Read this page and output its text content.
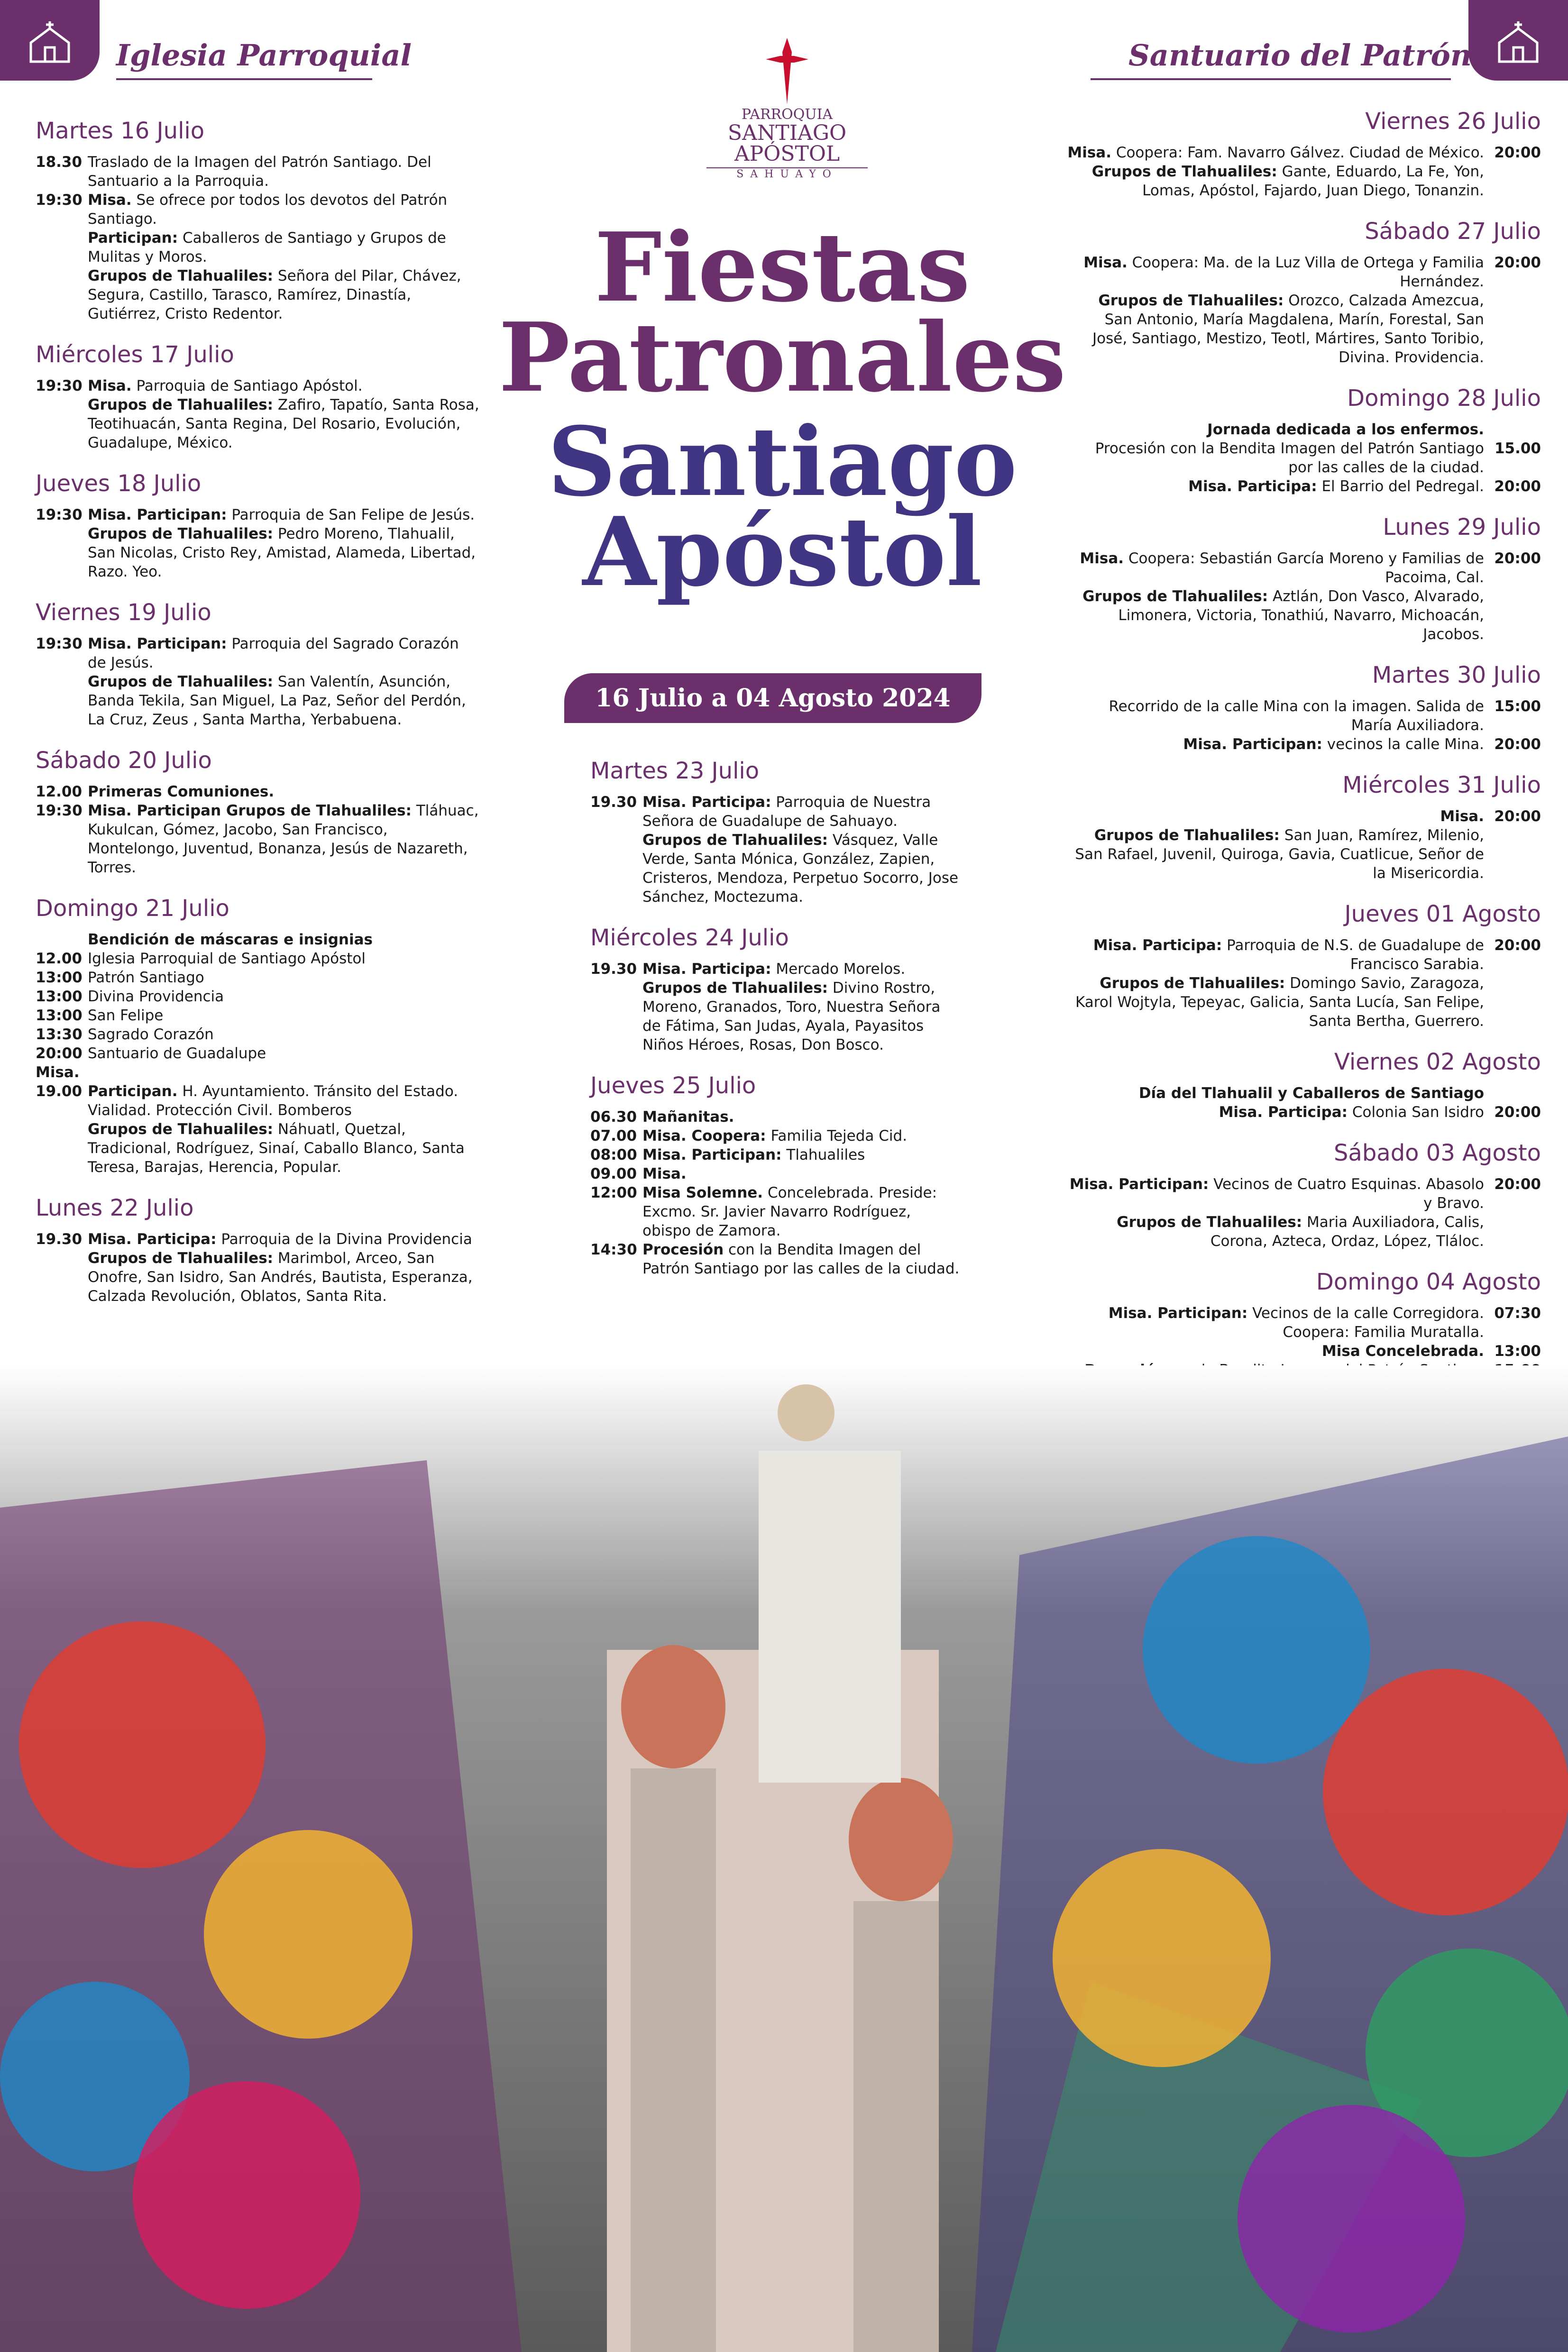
Iglesia Parroquial	Santuario del Patrón
PARROQUIA
SANTIAGO
APÓSTOL
SAHUAYO
Fiestas
Patronales
Santiago
Apóstol
16 Julio a 04 Agosto 2024
Martes 16 Julio
18.30 Traslado de la Imagen del Patrón Santiago. Del Santuario a la Parroquia.
19:30 Misa. Se ofrece por todos los devotos del Patrón Santiago.
Participan: Caballeros de Santiago y Grupos de Mulitas y Moros.
Grupos de Tlahualiles: Señora del Pilar, Chávez, Segura, Castillo, Tarasco, Ramírez, Dinastía, Gutiérrez, Cristo Redentor.
Miércoles 17 Julio
19:30 Misa. Parroquia de Santiago Apóstol.
Grupos de Tlahualiles: Zafiro, Tapatío, Santa Rosa, Teotihuacán, Santa Regina, Del Rosario, Evolución, Guadalupe, México.
Jueves 18 Julio
19:30 Misa. Participan: Parroquia de San Felipe de Jesús.
Grupos de Tlahualiles: Pedro Moreno, Tlahualil, San Nicolas, Cristo Rey, Amistad, Alameda, Libertad, Razo. Yeo.
Viernes 19 Julio
19:30 Misa. Participan: Parroquia del Sagrado Corazón de Jesús.
Grupos de Tlahualiles: San Valentín, Asunción, Banda Tekila, San Miguel, La Paz, Señor del Perdón, La Cruz, Zeus , Santa Martha, Yerbabuena.
Sábado 20 Julio
12.00 Primeras Comuniones.
19:30 Misa. Participan Grupos de Tlahualiles: Tláhuac, Kukulcan, Gómez, Jacobo, San Francisco, Montelongo, Juventud, Bonanza, Jesús de Nazareth, Torres.
Domingo 21 Julio
Bendición de máscaras e insignias
12.00 Iglesia Parroquial de Santiago Apóstol
13:00 Patrón Santiago
13:00 Divina Providencia
13:00 San Felipe
13:30 Sagrado Corazón
20:00 Santuario de Guadalupe
Misa.
19.00 Participan. H. Ayuntamiento. Tránsito del Estado. Vialidad. Protección Civil. Bomberos
Grupos de Tlahualiles: Náhuatl, Quetzal, Tradicional, Rodríguez, Sinaí, Caballo Blanco, Santa Teresa, Barajas, Herencia, Popular.
Lunes 22 Julio
19.30 Misa. Participa: Parroquia de la Divina Providencia
Grupos de Tlahualiles: Marimbol, Arceo, San Onofre, San Isidro, San Andrés, Bautista, Esperanza, Calzada Revolución, Oblatos, Santa Rita.
Martes 23 Julio
19.30 Misa. Participa: Parroquia de Nuestra Señora de Guadalupe de Sahuayo.
Grupos de Tlahualiles: Vásquez, Valle Verde, Santa Mónica, González, Zapien, Cristeros, Mendoza, Perpetuo Socorro, Jose Sánchez, Moctezuma.
Miércoles 24 Julio
19.30 Misa. Participa: Mercado Morelos.
Grupos de Tlahualiles: Divino Rostro, Moreno, Granados, Toro, Nuestra Señora de Fátima, San Judas, Ayala, Payasitos Niños Héroes, Rosas, Don Bosco.
Jueves 25 Julio
06.30 Mañanitas.
07.00 Misa. Coopera: Familia Tejeda Cid.
08:00 Misa. Participan: Tlahualiles
09.00 Misa.
12:00 Misa Solemne. Concelebrada. Preside: Excmo. Sr. Javier Navarro Rodríguez, obispo de Zamora.
14:30 Procesión con la Bendita Imagen del Patrón Santiago por las calles de la ciudad.
Viernes 26 Julio
Misa. Coopera: Fam. Navarro Gálvez. Ciudad de México. 20:00
Grupos de Tlahualiles: Gante, Eduardo, La Fe, Yon, Lomas, Apóstol, Fajardo, Juan Diego, Tonanzin.
Sábado 27 Julio
Misa. Coopera: Ma. de la Luz Villa de Ortega y Familia Hernández.
20:00
Grupos de Tlahualiles: Orozco, Calzada Amezcua, San Antonio, María Magdalena, Marín, Forestal, San José, Santiago, Mestizo, Teotl, Mártires, Santo Toribio, Divina. Providencia.
Domingo 28 Julio
Jornada dedicada a los enfermos.
Procesión con la Bendita Imagen del Patrón Santiago por las calles de la ciudad.
15.00
Misa. Participa: El Barrio del Pedregal. 20:00
Lunes 29 Julio
Misa. Coopera: Sebastián García Moreno y Familias de Pacoima, Cal.
20:00
Grupos de Tlahualiles: Aztlán, Don Vasco, Alvarado, Limonera, Victoria, Tonathiú, Navarro, Michoacán, Jacobos.
Martes 30 Julio
Recorrido de la calle Mina con la imagen. Salida de María Auxiliadora.
15:00
Misa. Participan: vecinos la calle Mina. 20:00
Miércoles 31 Julio
Misa. 20:00
Grupos de Tlahualiles: San Juan, Ramírez, Milenio, San Rafael, Juvenil, Quiroga, Gavia, Cuatlicue, Señor de la Misericordia.
Jueves 01 Agosto
Misa. Participa: Parroquia de N.S. de Guadalupe de Francisco Sarabia.
20:00
Grupos de Tlahualiles: Domingo Savio, Zaragoza, Karol Wojtyla, Tepeyac, Galicia, Santa Lucía, San Felipe, Santa Bertha, Guerrero.
Viernes 02 Agosto
Día del Tlahualil y Caballeros de Santiago
Misa. Participa: Colonia San Isidro 20:00
Sábado 03 Agosto
Misa. Participan: Vecinos de Cuatro Esquinas. Abasolo y Bravo.
20:00
Grupos de Tlahualiles: Maria Auxiliadora, Calis, Corona, Azteca, Ordaz, López, Tláloc.
Domingo 04 Agosto
Misa. Participan: Vecinos de la calle Corregidora. 07:30
Coopera: Familia Muratalla.
Misa Concelebrada. 13:00
